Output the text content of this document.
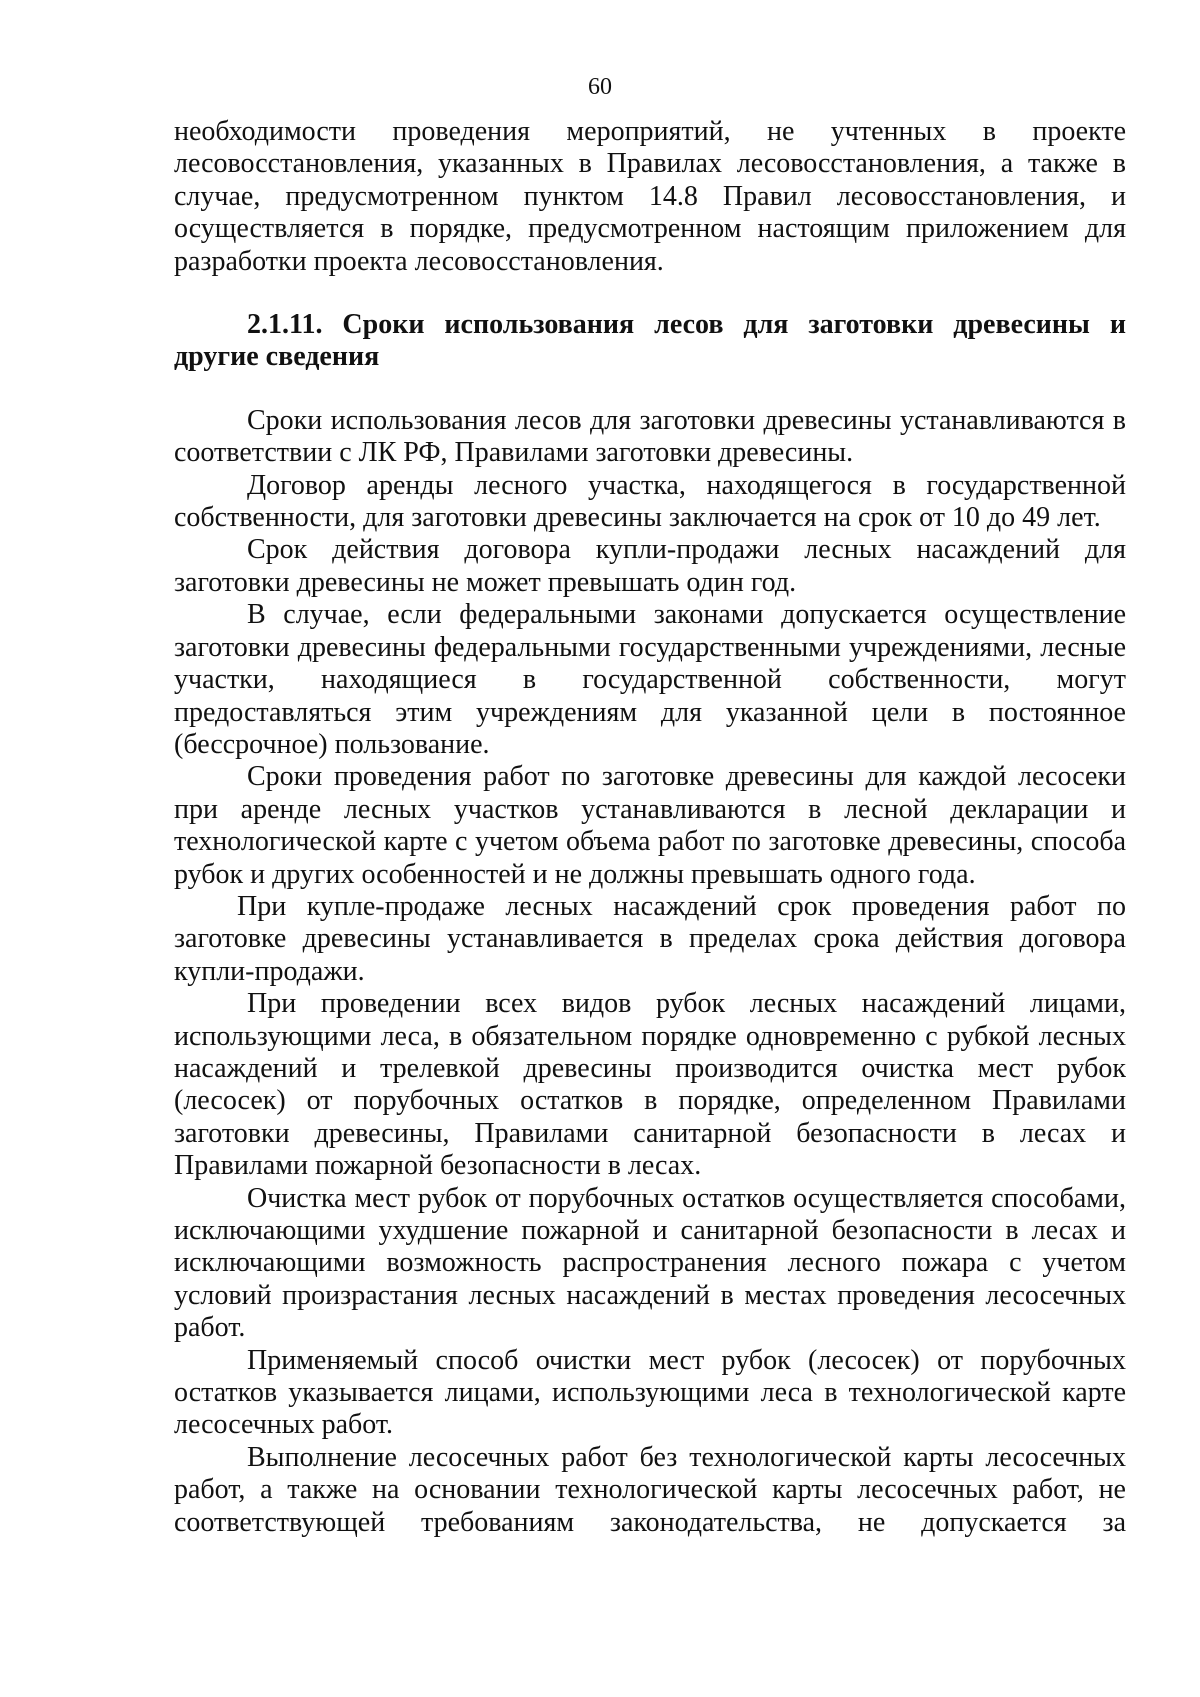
60

необходимости проведения мероприятий, не учтенных в проекте лесовосстановления, указанных в Правилах лесовосстановления, а также в случае, предусмотренном пунктом 14.8 Правил лесовосстановления, и осуществляется в порядке, предусмотренном настоящим приложением для разработки проекта лесовосстановления.

2.1.11. Сроки использования лесов для заготовки древесины и другие сведения

Сроки использования лесов для заготовки древесины устанавливаются в соответствии с ЛК РФ, Правилами заготовки древесины.

Договор аренды лесного участка, находящегося в государственной собственности, для заготовки древесины заключается на срок от 10 до 49 лет.

Срок действия договора купли-продажи лесных насаждений для заготовки древесины не может превышать один год.

В случае, если федеральными законами допускается осуществление заготовки древесины федеральными государственными учреждениями, лесные участки, находящиеся в государственной собственности, могут предоставляться этим учреждениям для указанной цели в постоянное (бессрочное) пользование.

Сроки проведения работ по заготовке древесины для каждой лесосеки при аренде лесных участков устанавливаются в лесной декларации и технологической карте с учетом объема работ по заготовке древесины, способа рубок и других особенностей и не должны превышать одного года.

При купле-продаже лесных насаждений срок проведения работ по заготовке древесины устанавливается в пределах срока действия договора купли-продажи.

При проведении всех видов рубок лесных насаждений лицами, использующими леса, в обязательном порядке одновременно с рубкой лесных насаждений и трелевкой древесины производится очистка мест рубок (лесосек) от порубочных остатков в порядке, определенном Правилами заготовки древесины, Правилами санитарной безопасности в лесах и Правилами пожарной безопасности в лесах.

Очистка мест рубок от порубочных остатков осуществляется способами, исключающими ухудшение пожарной и санитарной безопасности в лесах и исключающими возможность распространения лесного пожара с учетом условий произрастания лесных насаждений в местах проведения лесосечных работ.

Применяемый способ очистки мест рубок (лесосек) от порубочных остатков указывается лицами, использующими леса в технологической карте лесосечных работ.

Выполнение лесосечных работ без технологической карты лесосечных работ, а также на основании технологической карты лесосечных работ, не соответствующей требованиям законодательства, не допускается за
